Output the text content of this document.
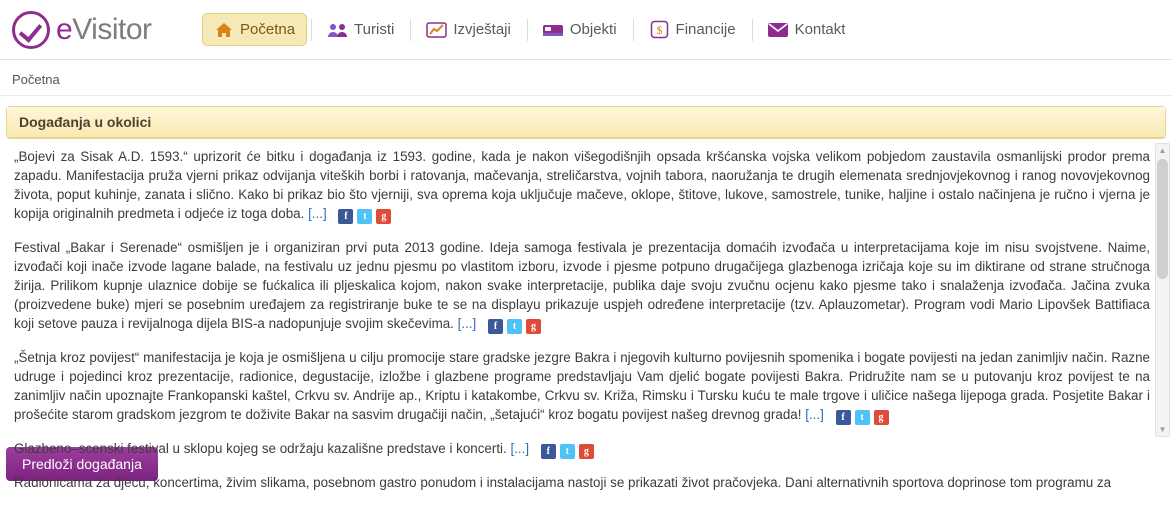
eVisitor	Početna	Turisti	Izvještaji	Objekti	$ Financije	Kontakt
Početna
Događanja u okolici

„Bojevi za Sisak A.D. 1593.“ uprizorit će bitku i događanja iz 1593. godine, kada je nakon višegodišnjih opsada kršćanska vojska velikom pobjedom zaustavila osmanlijski prodor prema zapadu. Manifestacija pruža vjerni prikaz odvijanja viteških borbi i ratovanja, mačevanja, streličarstva, vojnih tabora, naoružanja te drugih elemenata srednjovjekovnog i ranog novovjekovnog života, poput kuhinje, zanata i slično. Kako bi prikaz bio što vjerniji, sva oprema koja uključuje mačeve, oklope, štitove, lukove, samostrele, tunike, haljine i ostalo načinjena je ručno i vjerna je kopija originalnih predmeta i odjeće iz toga doba. [...]	f	t	g

Festival „Bakar i Serenade“ osmišljen je i organiziran prvi puta 2013 godine. Ideja samoga festivala je prezentacija domaćih izvođača u interpretacijama koje im nisu svojstvene. Naime, izvođači koji inače izvode lagane balade, na festivalu uz jednu pjesmu po vlastitom izboru, izvode i pjesme potpuno drugačijega glazbenoga izričaja koje su im diktirane od strane stručnoga žirija. Prilikom kupnje ulaznice dobije se fućkalica ili pljeskalica kojom, nakon svake interpretacije, publika daje svoju zvučnu ocjenu kako pjesme tako i snalaženja izvođača. Jačina zvuka (proizvedene buke) mjeri se posebnim uređajem za registriranje buke te se na displayu prikazuje uspjeh određene interpretacije (tzv. Aplauzometar). Program vodi Mario Lipovšek Battifiaca koji setove pauza i revijalnoga dijela BIS-a nadopunjuje svojim skečevima. [...]	f	t	g

„Šetnja kroz povijest“ manifestacija je koja je osmišljena u cilju promocije stare gradske jezgre Bakra i njegovih kulturno povijesnih spomenika i bogate povijesti na jedan zanimljiv način. Razne udruge i pojedinci kroz prezentacije, radionice, degustacije, izložbe i glazbene programe predstavljaju Vam djelić bogate povijesti Bakra. Pridružite nam se u putovanju kroz povijest te na zanimljiv način upoznajte Frankopanski kaštel, Crkvu sv. Andrije ap., Kriptu i katakombe, Crkvu sv. Križa, Rimsku i Tursku kuću te male trgove i uličice našega lijepoga grada. Posjetite Bakar i prošećite starom gradskom jezgrom te doživite Bakar na sasvim drugačiji način, „šetajući“ kroz bogatu povijest našeg drevnog grada! [...]	f	t	g

Glazbeno–scenski festival u sklopu kojeg se održaju kazališne predstave i koncerti. [...]	f	t	g

Radionicama za djecu, koncertima, živim slikama, posebnom gastro ponudom i instalacijama nastoji se prikazati život pračovjeka. Dani alternativnih sportova doprinose tom programu za

▲
▼
Predloži događanja
